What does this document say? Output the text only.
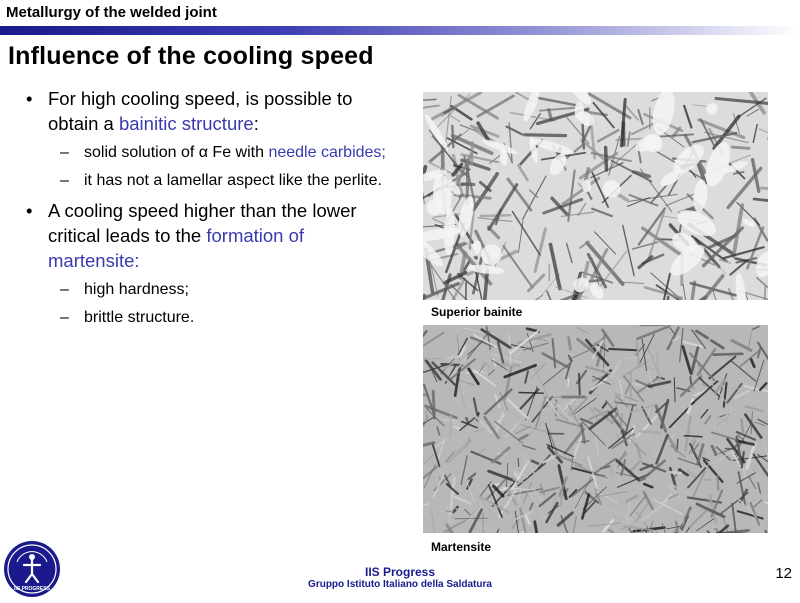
Metallurgy of the welded joint
Influence of the cooling speed
• For high cooling speed, is possible to obtain a bainitic structure:
– solid solution of α Fe with needle carbides;
– it has not a lamellar aspect like the perlite.
• A cooling speed higher than the lower critical leads to the formation of martensite:
– high hardness;
– brittle structure.	Superior bainite
Martensite
IIS PROGRESS
IIS Progress
Gruppo Istituto Italiano della Saldatura
12
